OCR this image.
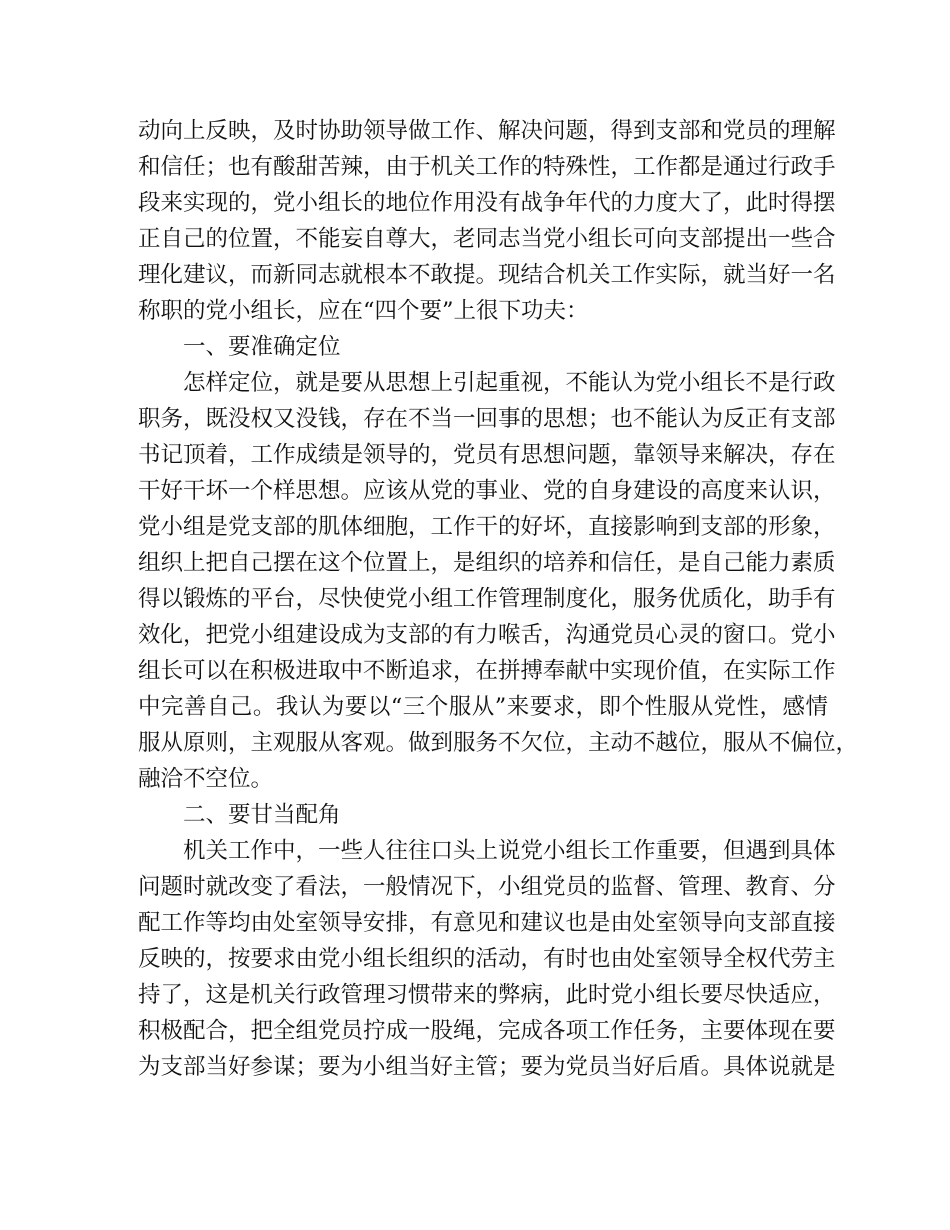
动向上反映，及时协助领导做工作、解决问题，得到支部和党员的理解
和信任；也有酸甜苦辣，由于机关工作的特殊性，工作都是通过行政手
段来实现的，党小组长的地位作用没有战争年代的力度大了，此时得摆
正自己的位置，不能妄自尊大，老同志当党小组长可向支部提出一些合
理化建议，而新同志就根本不敢提。现结合机关工作实际，就当好一名
称职的党小组长，应在“四个要”上很下功夫：
一、要准确定位
怎样定位，就是要从思想上引起重视，不能认为党小组长不是行政
职务，既没权又没钱，存在不当一回事的思想；也不能认为反正有支部
书记顶着，工作成绩是领导的，党员有思想问题，靠领导来解决，存在
干好干坏一个样思想。应该从党的事业、党的自身建设的高度来认识，
党小组是党支部的肌体细胞，工作干的好坏，直接影响到支部的形象，
组织上把自己摆在这个位置上，是组织的培养和信任，是自己能力素质
得以锻炼的平台，尽快使党小组工作管理制度化，服务优质化，助手有
效化，把党小组建设成为支部的有力喉舌，沟通党员心灵的窗口。党小
组长可以在积极进取中不断追求，在拼搏奉献中实现价值，在实际工作
中完善自己。我认为要以“三个服从”来要求，即个性服从党性，感情
服从原则，主观服从客观。做到服务不欠位，主动不越位，服从不偏位，
融洽不空位。
二、要甘当配角
机关工作中，一些人往往口头上说党小组长工作重要，但遇到具体
问题时就改变了看法，一般情况下，小组党员的监督、管理、教育、分
配工作等均由处室领导安排，有意见和建议也是由处室领导向支部直接
反映的，按要求由党小组长组织的活动，有时也由处室领导全权代劳主
持了，这是机关行政管理习惯带来的弊病，此时党小组长要尽快适应，
积极配合，把全组党员拧成一股绳，完成各项工作任务，主要体现在要
为支部当好参谋；要为小组当好主管；要为党员当好后盾。具体说就是
